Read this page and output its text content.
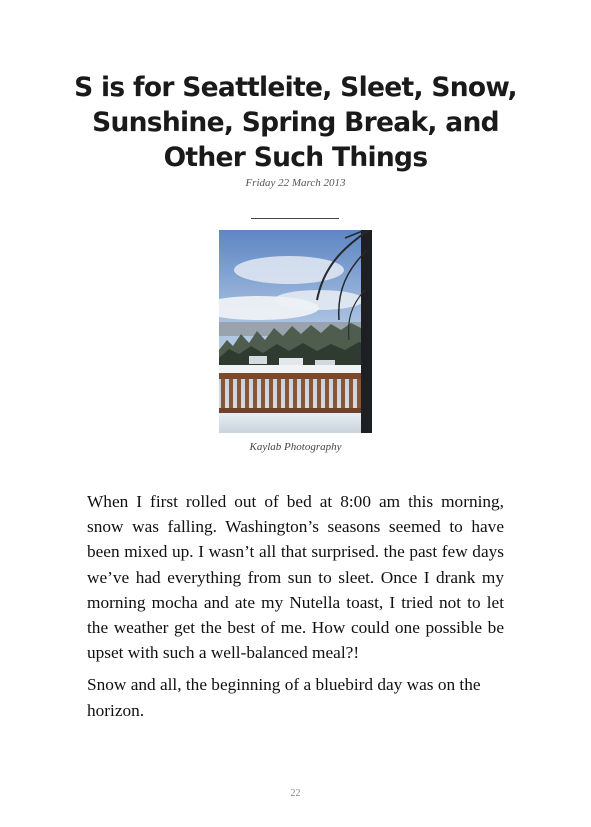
S is for Seattleite, Sleet, Snow,
Sunshine, Spring Break, and
Other Such Things
Friday 22 March 2013
Kaylab Photography

When I first rolled out of bed at 8:00 am this morning, snow was falling. Washington’s seasons seemed to have been mixed up. I wasn’t all that surprised. the past few days we’ve had everything from sun to sleet. Once I drank my morning mocha and ate my Nutella toast, I tried not to let the weather get the best of me. How could one possible be upset with such a well-balanced meal?!

Snow and all, the beginning of a bluebird day was on the horizon.

22
